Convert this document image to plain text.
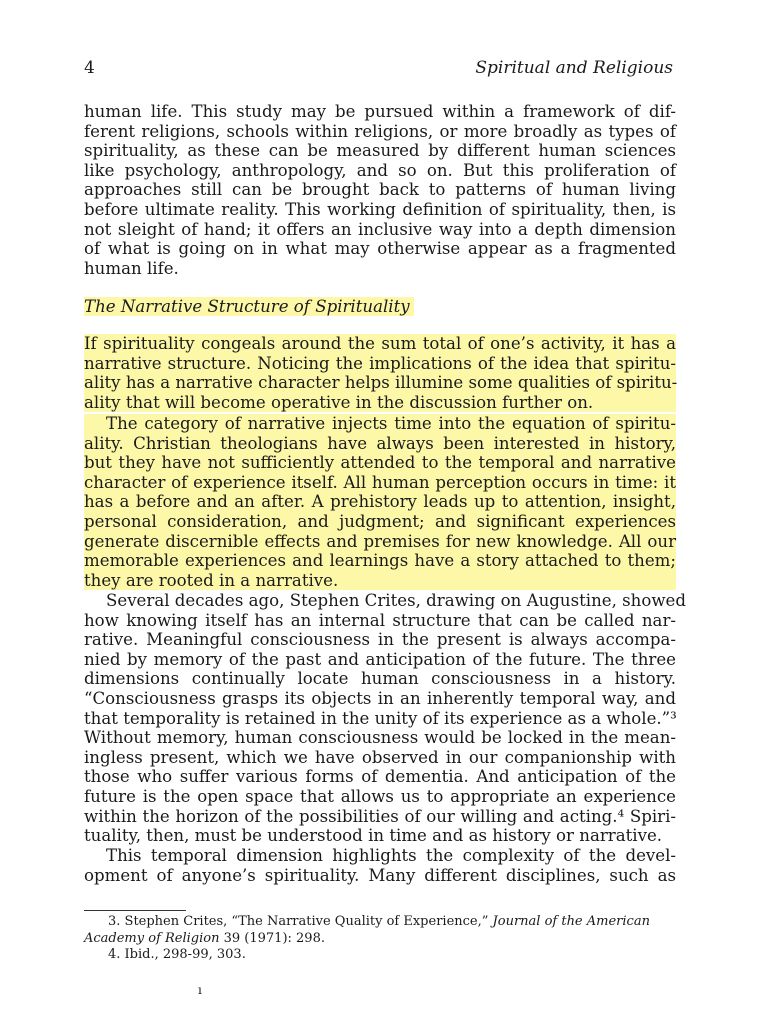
4	Spiritual and Religious
human life. This study may be pursued within a framework of dif-
ferent religions, schools within religions, or more broadly as types of
spirituality, as these can be measured by different human sciences
like psychology, anthropology, and so on. But this proliferation of
approaches still can be brought back to patterns of human living
before ultimate reality. This working definition of spirituality, then, is
not sleight of hand; it offers an inclusive way into a depth dimension
of what is going on in what may otherwise appear as a fragmented
human life.
The Narrative Structure of Spirituality
If spirituality congeals around the sum total of one’s activity, it has a
narrative structure. Noticing the implications of the idea that spiritu-
ality has a narrative character helps illumine some qualities of spiritu-
ality that will become operative in the discussion further on.
The category of narrative injects time into the equation of spiritu-
ality. Christian theologians have always been interested in history,
but they have not sufficiently attended to the temporal and narrative
character of experience itself. All human perception occurs in time: it
has a before and an after. A prehistory leads up to attention, insight,
personal consideration, and judgment; and significant experiences
generate discernible effects and premises for new knowledge. All our
memorable experiences and learnings have a story attached to them;
they are rooted in a narrative.
Several decades ago, Stephen Crites, drawing on Augustine, showed
how knowing itself has an internal structure that can be called nar-
rative. Meaningful consciousness in the present is always accompa-
nied by memory of the past and anticipation of the future. The three
dimensions continually locate human consciousness in a history.
“Consciousness grasps its objects in an inherently temporal way, and
that temporality is retained in the unity of its experience as a whole.”³
Without memory, human consciousness would be locked in the mean-
ingless present, which we have observed in our companionship with
those who suffer various forms of dementia. And anticipation of the
future is the open space that allows us to appropriate an experience
within the horizon of the possibilities of our willing and acting.⁴ Spiri-
tuality, then, must be understood in time and as history or narrative.
This temporal dimension highlights the complexity of the devel-
opment of anyone’s spirituality. Many different disciplines, such as
3. Stephen Crites, “The Narrative Quality of Experience,” Journal of the American
Academy of Religion 39 (1971): 298.
4. Ibid., 298-99, 303.
ı
